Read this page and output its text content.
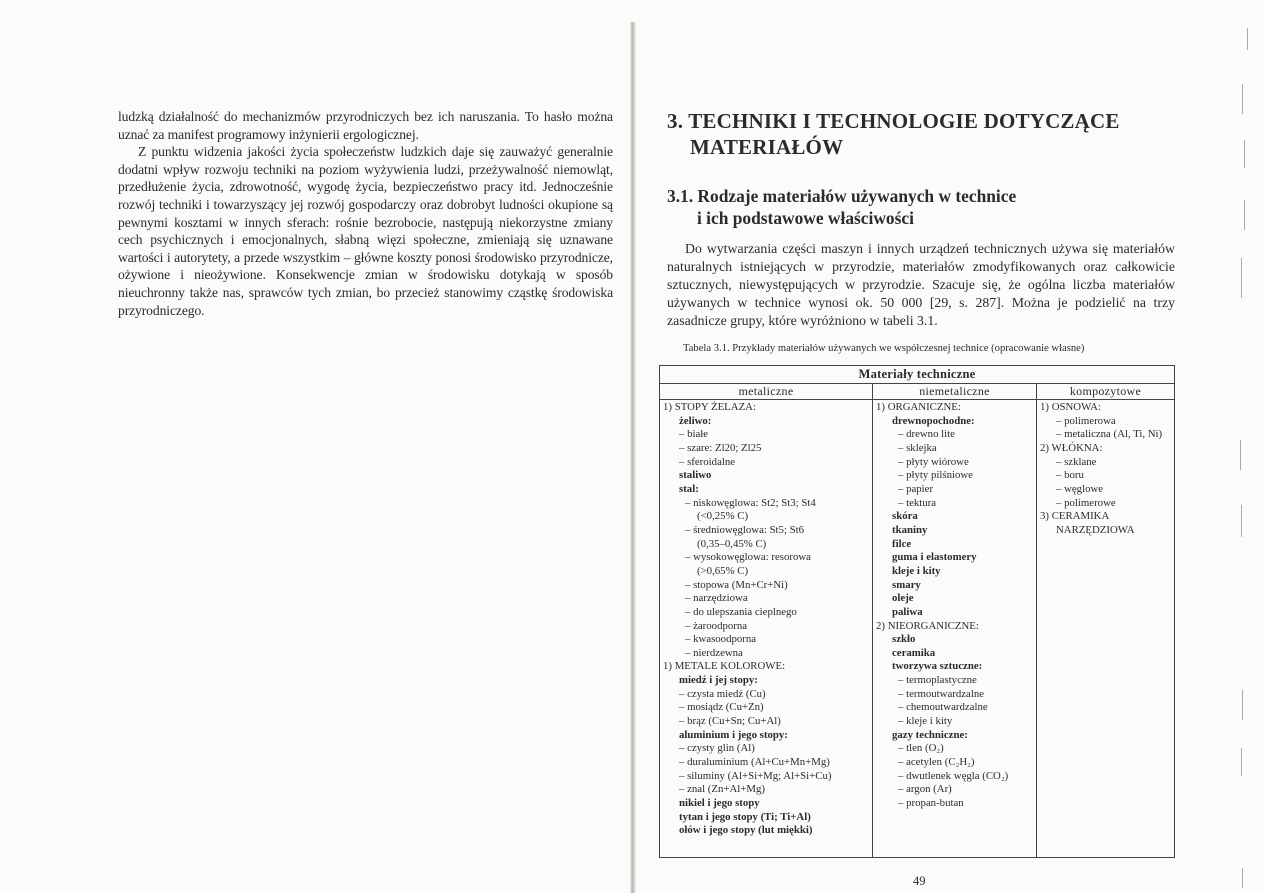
ludzką działalność do mechanizmów przyrodniczych bez ich naruszania. To hasło można uznać za manifest programowy inżynierii ergologicznej.

Z punktu widzenia jakości życia społeczeństw ludzkich daje się zauważyć generalnie dodatni wpływ rozwoju techniki na poziom wyżywienia ludzi, przeżywalność niemowląt, przedłużenie życia, zdrowotność, wygodę życia, bezpieczeństwo pracy itd. Jednocześnie rozwój techniki i towarzyszący jej rozwój gospodarczy oraz dobrobyt ludności okupione są pewnymi kosztami w innych sferach: rośnie bezrobocie, następują niekorzystne zmiany cech psychicznych i emocjonalnych, słabną więzi społeczne, zmieniają się uznawane wartości i autorytety, a przede wszystkim – główne koszty ponosi środowisko przyrodnicze, ożywione i nieożywione. Konsekwencje zmian w środowisku dotykają w sposób nieuchronny także nas, sprawców tych zmian, bo przecież stanowimy cząstkę środowiska przyrodniczego.

3. TECHNIKI I TECHNOLOGIE DOTYCZĄCE
MATERIAŁÓW
3.1. Rodzaje materiałów używanych w technice
i ich podstawowe właściwości

Do wytwarzania części maszyn i innych urządzeń technicznych używa się materiałów naturalnych istniejących w przyrodzie, materiałów zmodyfikowanych oraz całkowicie sztucznych, niewystępujących w przyrodzie. Szacuje się, że ogólna liczba materiałów używanych w technice wynosi ok. 50 000 [29, s. 287]. Można je podzielić na trzy zasadnicze grupy, które wyróżniono w tabeli 3.1.

Tabela 3.1. Przykłady materiałów używanych we współczesnej technice (opracowanie własne)

Materiały techniczne
metaliczne
1) STOPY ŻELAZA:
żeliwo:
– białe
– szare: Zl20; Zl25
– sferoidalne
staliwo
stal:
– niskowęglowa: St2; St3; St4
(<0,25% C)
– średniowęglowa: St5; St6
(0,35–0,45% C)
– wysokowęglowa: resorowa
(>0,65% C)
– stopowa (Mn+Cr+Ni)
– narzędziowa
– do ulepszania cieplnego
– żaroodporna
– kwasoodporna
– nierdzewna
1) METALE KOLOROWE:
miedź i jej stopy:
– czysta miedź (Cu)
– mosiądz (Cu+Zn)
– brąz (Cu+Sn; Cu+Al)
aluminium i jego stopy:
– czysty glin (Al)
– duraluminium (Al+Cu+Mn+Mg)
– siluminy (Al+Si+Mg; Al+Si+Cu)
– znal (Zn+Al+Mg)
nikiel i jego stopy
tytan i jego stopy (Ti; Ti+Al)
ołów i jego stopy (lut miękki)
niemetaliczne
1) ORGANICZNE:
drewnopochodne:
– drewno lite
– sklejka
– płyty wiórowe
– płyty pilśniowe
– papier
– tektura
skóra
tkaniny
filce
guma i elastomery
kleje i kity
smary
oleje
paliwa
2) NIEORGANICZNE:
szkło
ceramika
tworzywa sztuczne:
– termoplastyczne
– termoutwardzalne
– chemoutwardzalne
– kleje i kity
gazy techniczne:
– tlen (O₂)
– acetylen (C₂H₂)
– dwutlenek węgla (CO₂)
– argon (Ar)
– propan-butan
kompozytowe
1) OSNOWA:
– polimerowa
– metaliczna (Al, Ti, Ni)
2) WŁÓKNA:
– szklane
– boru
– węglowe
– polimerowe
3) CERAMIKA
NARZĘDZIOWA
49
